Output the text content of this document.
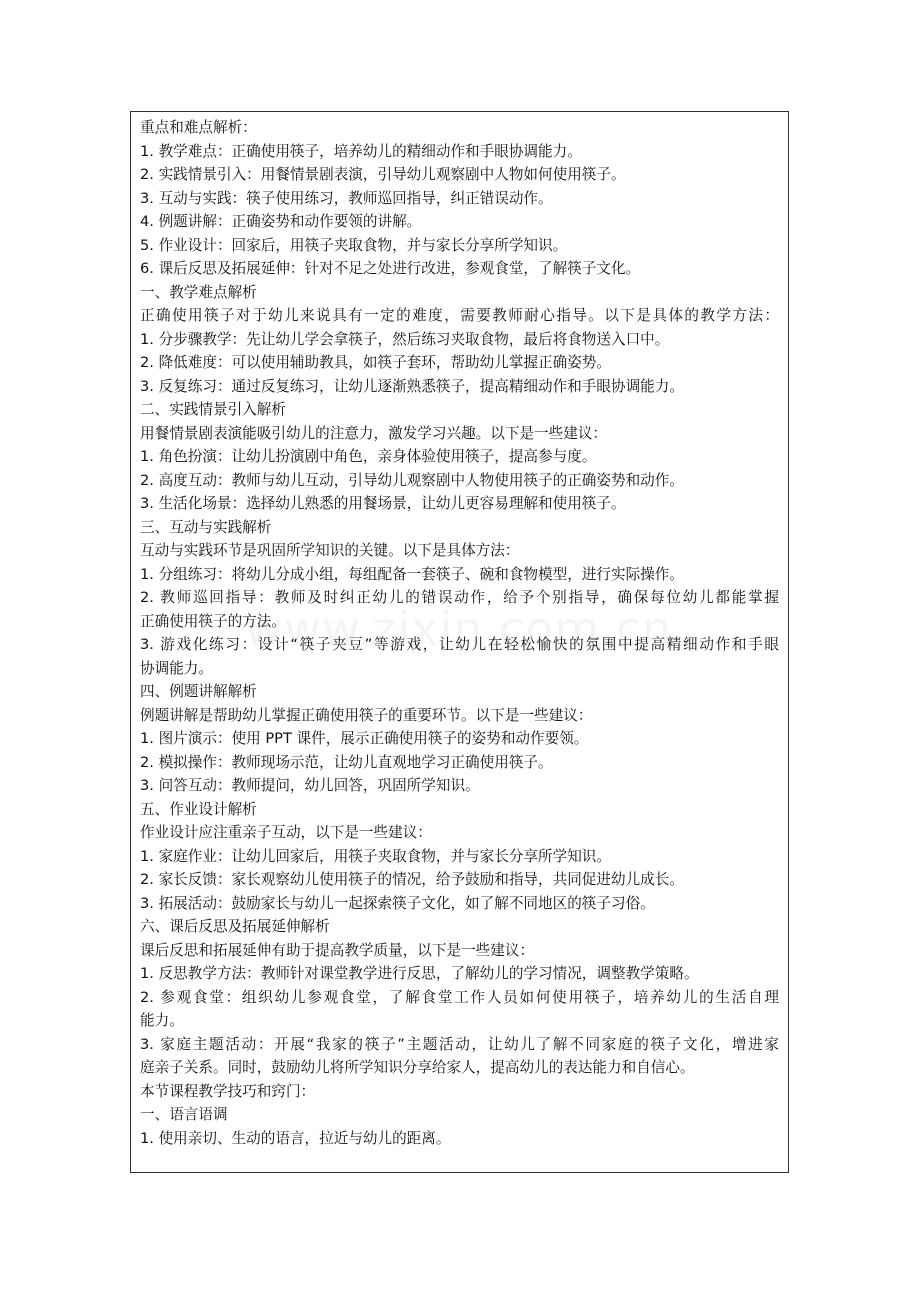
重点和难点解析：
1. 教学难点：正确使用筷子，培养幼儿的精细动作和手眼协调能力。
2. 实践情景引入：用餐情景剧表演，引导幼儿观察剧中人物如何使用筷子。
3. 互动与实践：筷子使用练习，教师巡回指导，纠正错误动作。
4. 例题讲解：正确姿势和动作要领的讲解。
5. 作业设计：回家后，用筷子夹取食物，并与家长分享所学知识。
6. 课后反思及拓展延伸：针对不足之处进行改进，参观食堂，了解筷子文化。
一、教学难点解析
正确使用筷子对于幼儿来说具有一定的难度，需要教师耐心指导。以下是具体的教学方法：
1. 分步骤教学：先让幼儿学会拿筷子，然后练习夹取食物，最后将食物送入口中。
2. 降低难度：可以使用辅助教具，如筷子套环，帮助幼儿掌握正确姿势。
3. 反复练习：通过反复练习，让幼儿逐渐熟悉筷子，提高精细动作和手眼协调能力。
二、实践情景引入解析
用餐情景剧表演能吸引幼儿的注意力，激发学习兴趣。以下是一些建议：
1. 角色扮演：让幼儿扮演剧中角色，亲身体验使用筷子，提高参与度。
2. 高度互动：教师与幼儿互动，引导幼儿观察剧中人物使用筷子的正确姿势和动作。
3. 生活化场景：选择幼儿熟悉的用餐场景，让幼儿更容易理解和使用筷子。
三、互动与实践解析
互动与实践环节是巩固所学知识的关键。以下是具体方法：
1. 分组练习：将幼儿分成小组，每组配备一套筷子、碗和食物模型，进行实际操作。
2. 教师巡回指导：教师及时纠正幼儿的错误动作，给予个别指导，确保每位幼儿都能掌握
正确使用筷子的方法。
3. 游戏化练习：设计“筷子夹豆”等游戏，让幼儿在轻松愉快的氛围中提高精细动作和手眼
协调能力。
四、例题讲解解析
例题讲解是帮助幼儿掌握正确使用筷子的重要环节。以下是一些建议：
1. 图片演示：使用 PPT 课件，展示正确使用筷子的姿势和动作要领。
2. 模拟操作：教师现场示范，让幼儿直观地学习正确使用筷子。
3. 问答互动：教师提问，幼儿回答，巩固所学知识。
五、作业设计解析
作业设计应注重亲子互动，以下是一些建议：
1. 家庭作业：让幼儿回家后，用筷子夹取食物，并与家长分享所学知识。
2. 家长反馈：家长观察幼儿使用筷子的情况，给予鼓励和指导，共同促进幼儿成长。
3. 拓展活动：鼓励家长与幼儿一起探索筷子文化，如了解不同地区的筷子习俗。
六、课后反思及拓展延伸解析
课后反思和拓展延伸有助于提高教学质量，以下是一些建议：
1. 反思教学方法：教师针对课堂教学进行反思，了解幼儿的学习情况，调整教学策略。
2. 参观食堂：组织幼儿参观食堂，了解食堂工作人员如何使用筷子，培养幼儿的生活自理
能力。
3. 家庭主题活动：开展“我家的筷子”主题活动，让幼儿了解不同家庭的筷子文化，增进家
庭亲子关系。同时，鼓励幼儿将所学知识分享给家人，提高幼儿的表达能力和自信心。
本节课程教学技巧和窍门：
一、语言语调
1. 使用亲切、生动的语言，拉近与幼儿的距离。
